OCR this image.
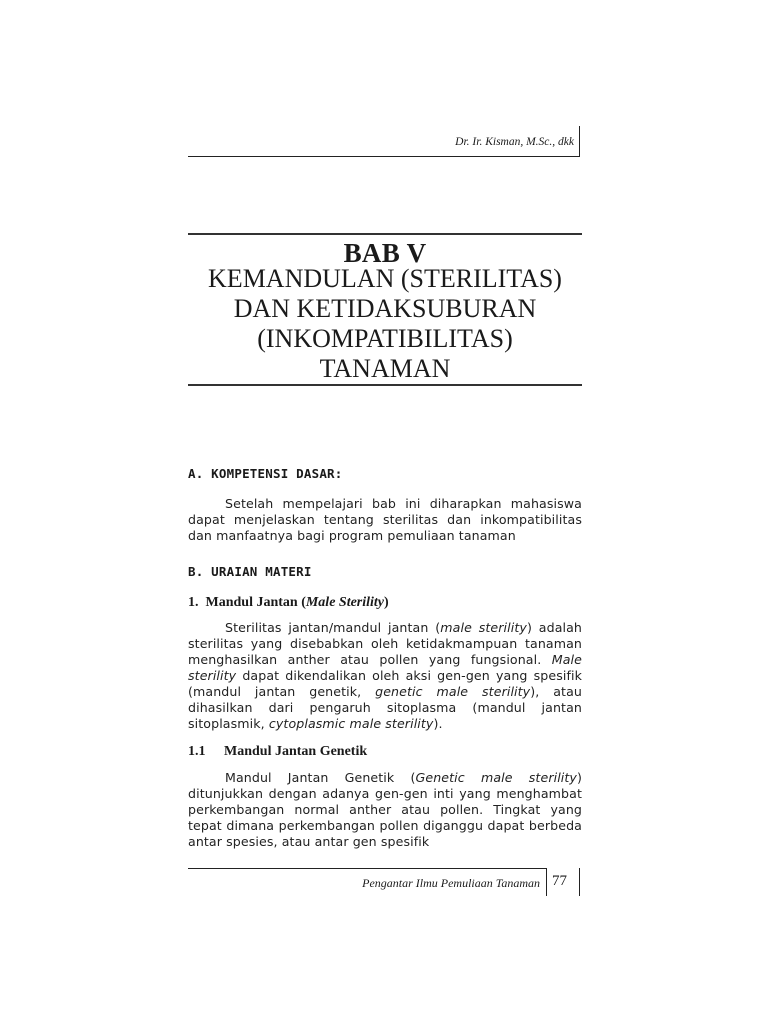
Dr. Ir. Kisman, M.Sc., dkk
BAB V
KEMANDULAN (STERILITAS)
DAN KETIDAKSUBURAN
(INKOMPATIBILITAS)
TANAMAN
A. KOMPETENSI DASAR:
Setelah mempelajari bab ini diharapkan mahasiswa dapat menjelaskan tentang sterilitas dan inkompatibilitas dan manfaatnya bagi program pemuliaan tanaman
B. URAIAN MATERI
1. Mandul Jantan (Male Sterility)
Sterilitas jantan/mandul jantan (male sterility) adalah sterilitas yang disebabkan oleh ketidakmampuan tanaman menghasilkan anther atau pollen yang fungsional. Male sterility dapat dikendalikan oleh aksi gen-gen yang spesifik (mandul jantan genetik, genetic male sterility), atau dihasilkan dari pengaruh sitoplasma (mandul jantan sitoplasmik, cytoplasmic male sterility).
1.1 Mandul Jantan Genetik
Mandul Jantan Genetik (Genetic male sterility) ditunjukkan dengan adanya gen-gen inti yang menghambat perkembangan normal anther atau pollen. Tingkat yang tepat dimana perkembangan pollen diganggu dapat berbeda antar spesies, atau antar gen spesifik
Pengantar Ilmu Pemuliaan Tanaman 77
